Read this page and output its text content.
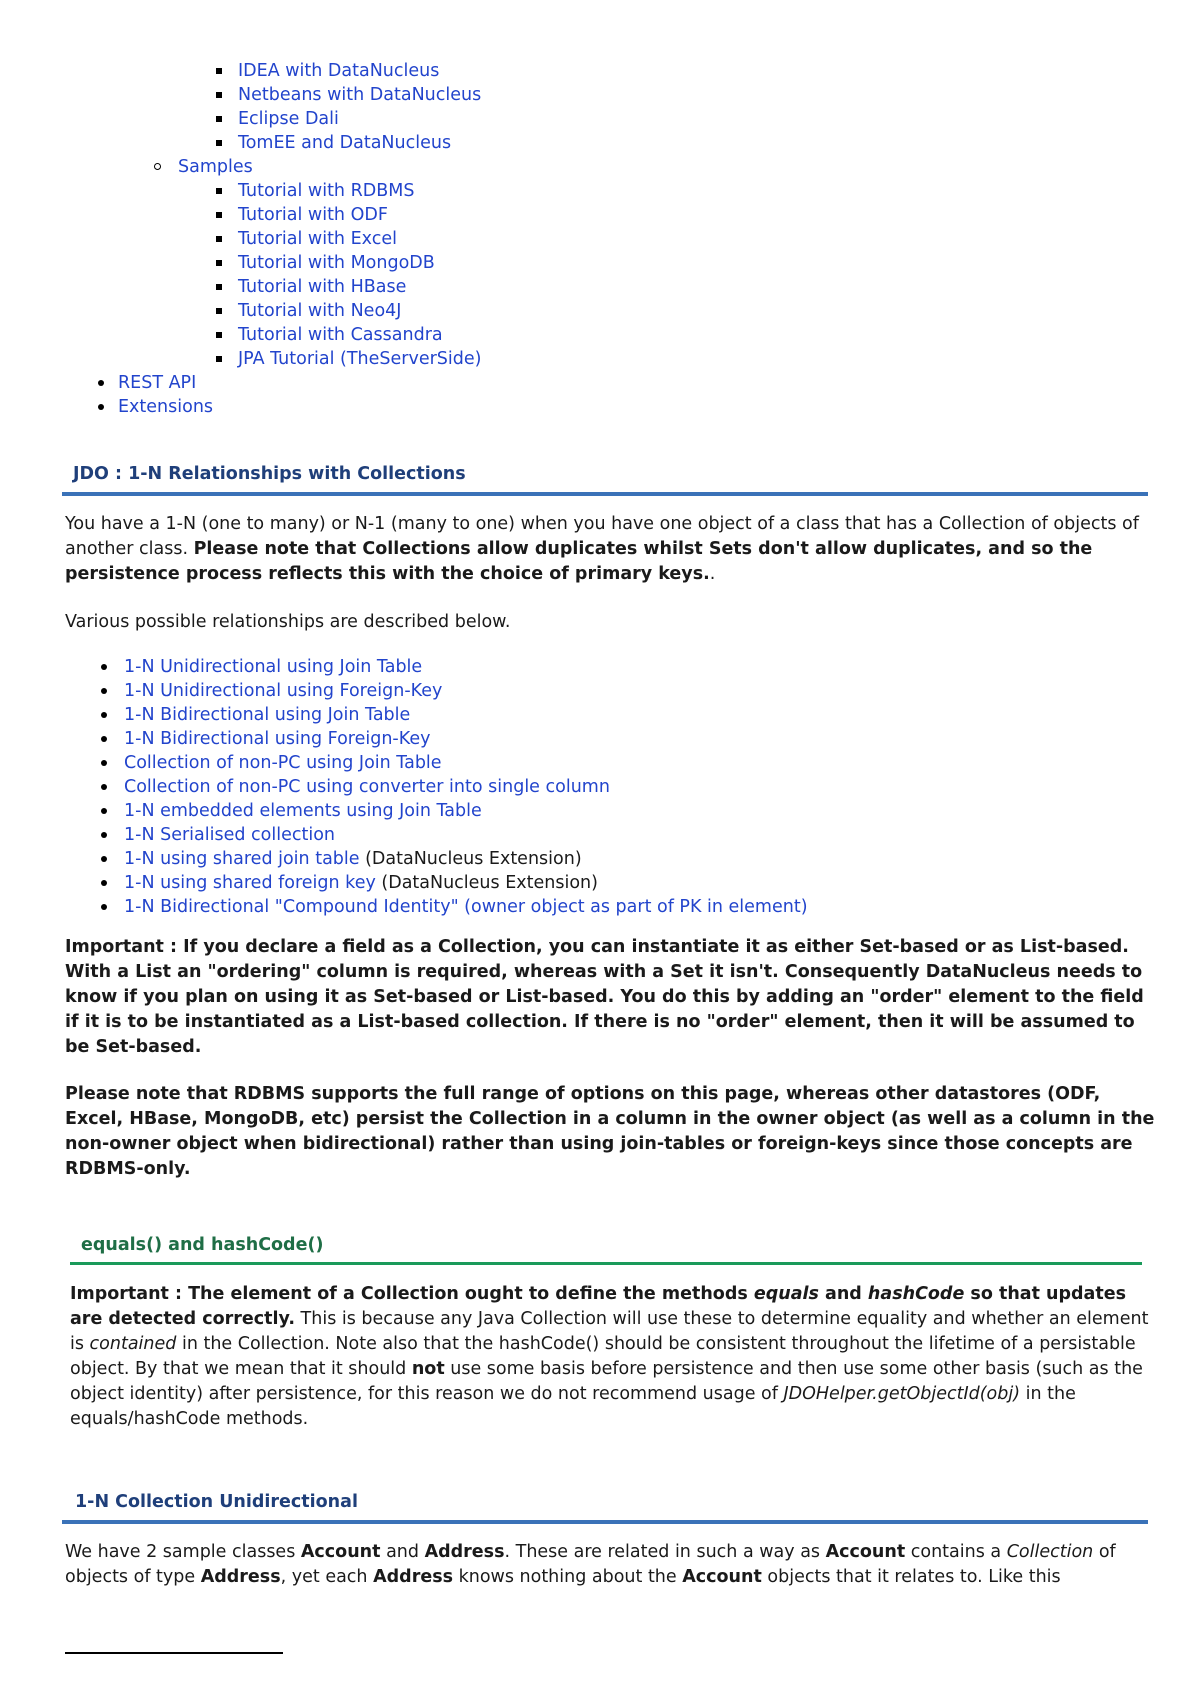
IDEA with DataNucleus
Netbeans with DataNucleus
Eclipse Dali
TomEE and DataNucleus
Samples
Tutorial with RDBMS
Tutorial with ODF
Tutorial with Excel
Tutorial with MongoDB
Tutorial with HBase
Tutorial with Neo4J
Tutorial with Cassandra
JPA Tutorial (TheServerSide)
REST API
Extensions
JDO : 1-N Relationships with Collections

You have a 1-N (one to many) or N-1 (many to one) when you have one object of a class that has a Collection of objects of another class. Please note that Collections allow duplicates whilst Sets don't allow duplicates, and so the persistence process reflects this with the choice of primary keys..

Various possible relationships are described below.

1-N Unidirectional using Join Table
1-N Unidirectional using Foreign-Key
1-N Bidirectional using Join Table
1-N Bidirectional using Foreign-Key
Collection of non-PC using Join Table
Collection of non-PC using converter into single column
1-N embedded elements using Join Table
1-N Serialised collection
1-N using shared join table (DataNucleus Extension)
1-N using shared foreign key (DataNucleus Extension)
1-N Bidirectional "Compound Identity" (owner object as part of PK in element)

Important : If you declare a field as a Collection, you can instantiate it as either Set-based or as List-based. With a List an "ordering" column is required, whereas with a Set it isn't. Consequently DataNucleus needs to know if you plan on using it as Set-based or List-based. You do this by adding an "order" element to the field if it is to be instantiated as a List-based collection. If there is no "order" element, then it will be assumed to be Set-based.

Please note that RDBMS supports the full range of options on this page, whereas other datastores (ODF, Excel, HBase, MongoDB, etc) persist the Collection in a column in the owner object (as well as a column in the non-owner object when bidirectional) rather than using join-tables or foreign-keys since those concepts are RDBMS-only.

equals() and hashCode()

Important : The element of a Collection ought to define the methods equals and hashCode so that updates are detected correctly. This is because any Java Collection will use these to determine equality and whether an element is contained in the Collection. Note also that the hashCode() should be consistent throughout the lifetime of a persistable object. By that we mean that it should not use some basis before persistence and then use some other basis (such as the object identity) after persistence, for this reason we do not recommend usage of JDOHelper.getObjectId(obj) in the equals/hashCode methods.

1-N Collection Unidirectional

We have 2 sample classes Account and Address. These are related in such a way as Account contains a Collection of objects of type Address, yet each Address knows nothing about the Account objects that it relates to. Like this
